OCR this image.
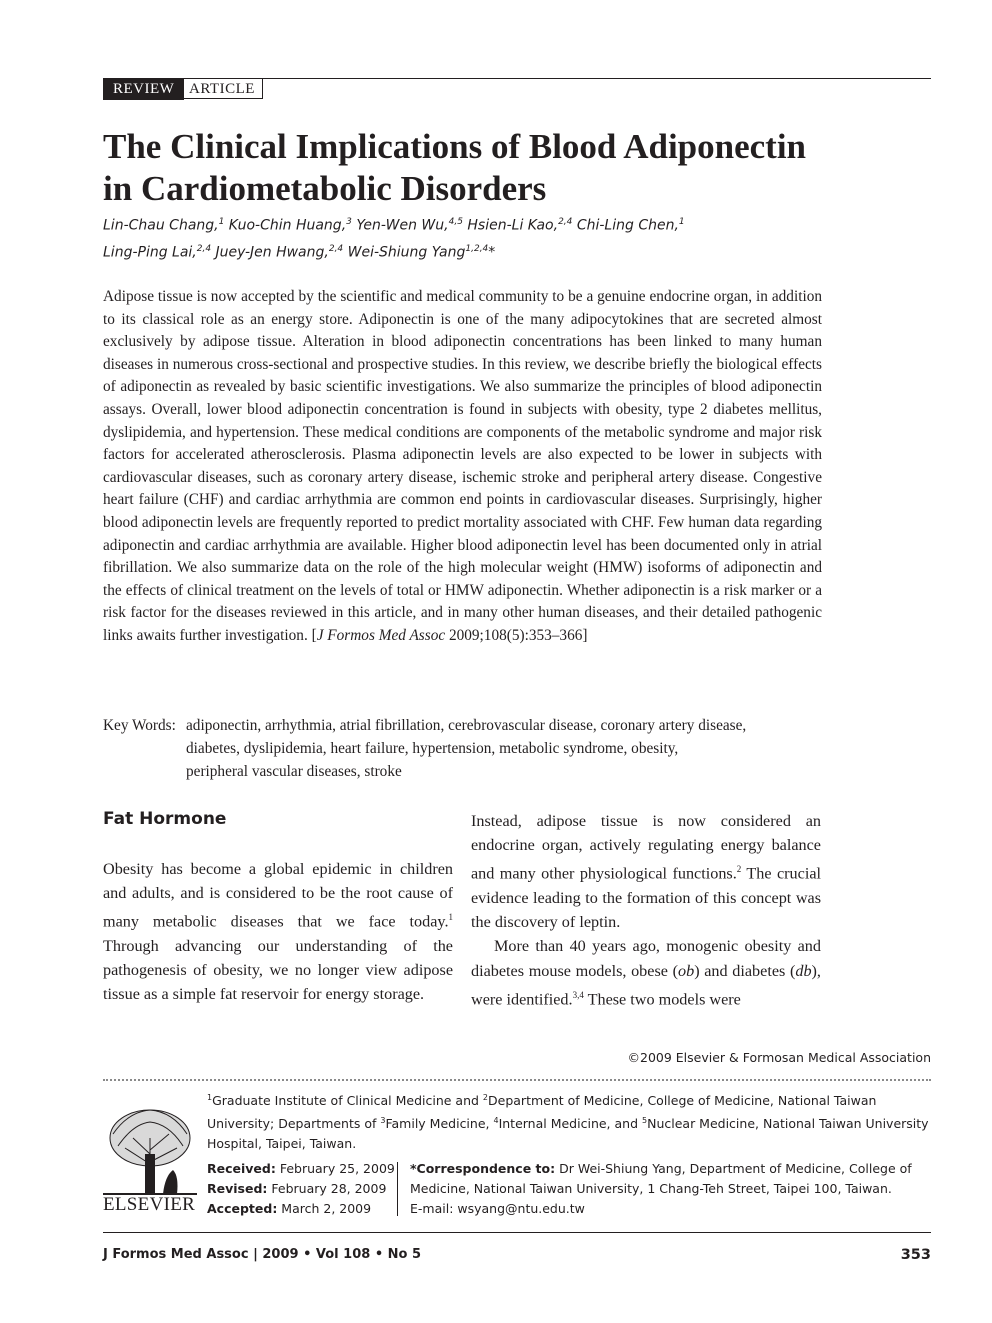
REVIEW ARTICLE
The Clinical Implications of Blood Adiponectin
in Cardiometabolic Disorders
Lin-Chau Chang,$^1$ Kuo-Chin Huang,$^3$ Yen-Wen Wu,$^{4,5}$ Hsien-Li Kao,$^{2,4}$ Chi-Ling Chen,$^1$
Ling-Ping Lai,$^{2,4}$ Juey-Jen Hwang,$^{2,4}$ Wei-Shiung Yang$^{1,2,4}$*
Adipose tissue is now accepted by the scientific and medical community to be a genuine endocrine organ, in addition to its classical role as an energy store. Adiponectin is one of the many adipocytokines that are secreted almost exclusively by adipose tissue. Alteration in blood adiponectin concentrations has been linked to many human diseases in numerous cross-sectional and prospective studies. In this review, we describe briefly the biological effects of adiponectin as revealed by basic scientific investigations. We also summarize the principles of blood adiponectin assays. Overall, lower blood adiponectin concentration is found in subjects with obesity, type 2 diabetes mellitus, dyslipidemia, and hypertension. These medical conditions are components of the metabolic syndrome and major risk factors for accelerated atherosclerosis. Plasma adiponectin levels are also expected to be lower in subjects with cardiovascular diseases, such as coronary artery disease, ischemic stroke and peripheral artery disease. Congestive heart failure (CHF) and cardiac arrhythmia are common end points in cardiovascular diseases. Surprisingly, higher blood adiponectin levels are frequently reported to predict mortality associated with CHF. Few human data regarding adiponectin and cardiac arrhythmia are available. Higher blood adiponectin level has been documented only in atrial fibrillation. We also summarize data on the role of the high molecular weight (HMW) isoforms of adiponectin and the effects of clinical treatment on the levels of total or HMW adiponectin. Whether adiponectin is a risk marker or a risk factor for the diseases reviewed in this article, and in many other human diseases, and their detailed pathogenic links awaits further investigation. [J Formos Med Assoc 2009;108(5):353–366]
Key Words: adiponectin, arrhythmia, atrial fibrillation, cerebrovascular disease, coronary artery disease,
diabetes, dyslipidemia, heart failure, hypertension, metabolic syndrome, obesity,
peripheral vascular diseases, stroke
Fat Hormone
Obesity has become a global epidemic in children and adults, and is considered to be the root cause of many metabolic diseases that we face today.$^1$ Through advancing our understanding of the pathogenesis of obesity, we no longer view adipose tissue as a simple fat reservoir for energy storage.
Instead, adipose tissue is now considered an endocrine organ, actively regulating energy balance and many other physiological functions.$^2$ The crucial evidence leading to the formation of this concept was the discovery of leptin.
More than 40 years ago, monogenic obesity and diabetes mouse models, obese (ob) and diabetes (db), were identified.$^{3,4}$ These two models were
©2009 Elsevier & Formosan Medical Association
ELSEVIER
$^1$Graduate Institute of Clinical Medicine and $^2$Department of Medicine, College of Medicine, National Taiwan University; Departments of $^3$Family Medicine, $^4$Internal Medicine, and $^5$Nuclear Medicine, National Taiwan University Hospital, Taipei, Taiwan.
Received: February 25, 2009
Revised: February 28, 2009
Accepted: March 2, 2009
*Correspondence to: Dr Wei-Shiung Yang, Department of Medicine, College of Medicine, National Taiwan University, 1 Chang-Teh Street, Taipei 100, Taiwan.
E-mail: wsyang@ntu.edu.tw
J Formos Med Assoc | 2009 • Vol 108 • No 5	353
